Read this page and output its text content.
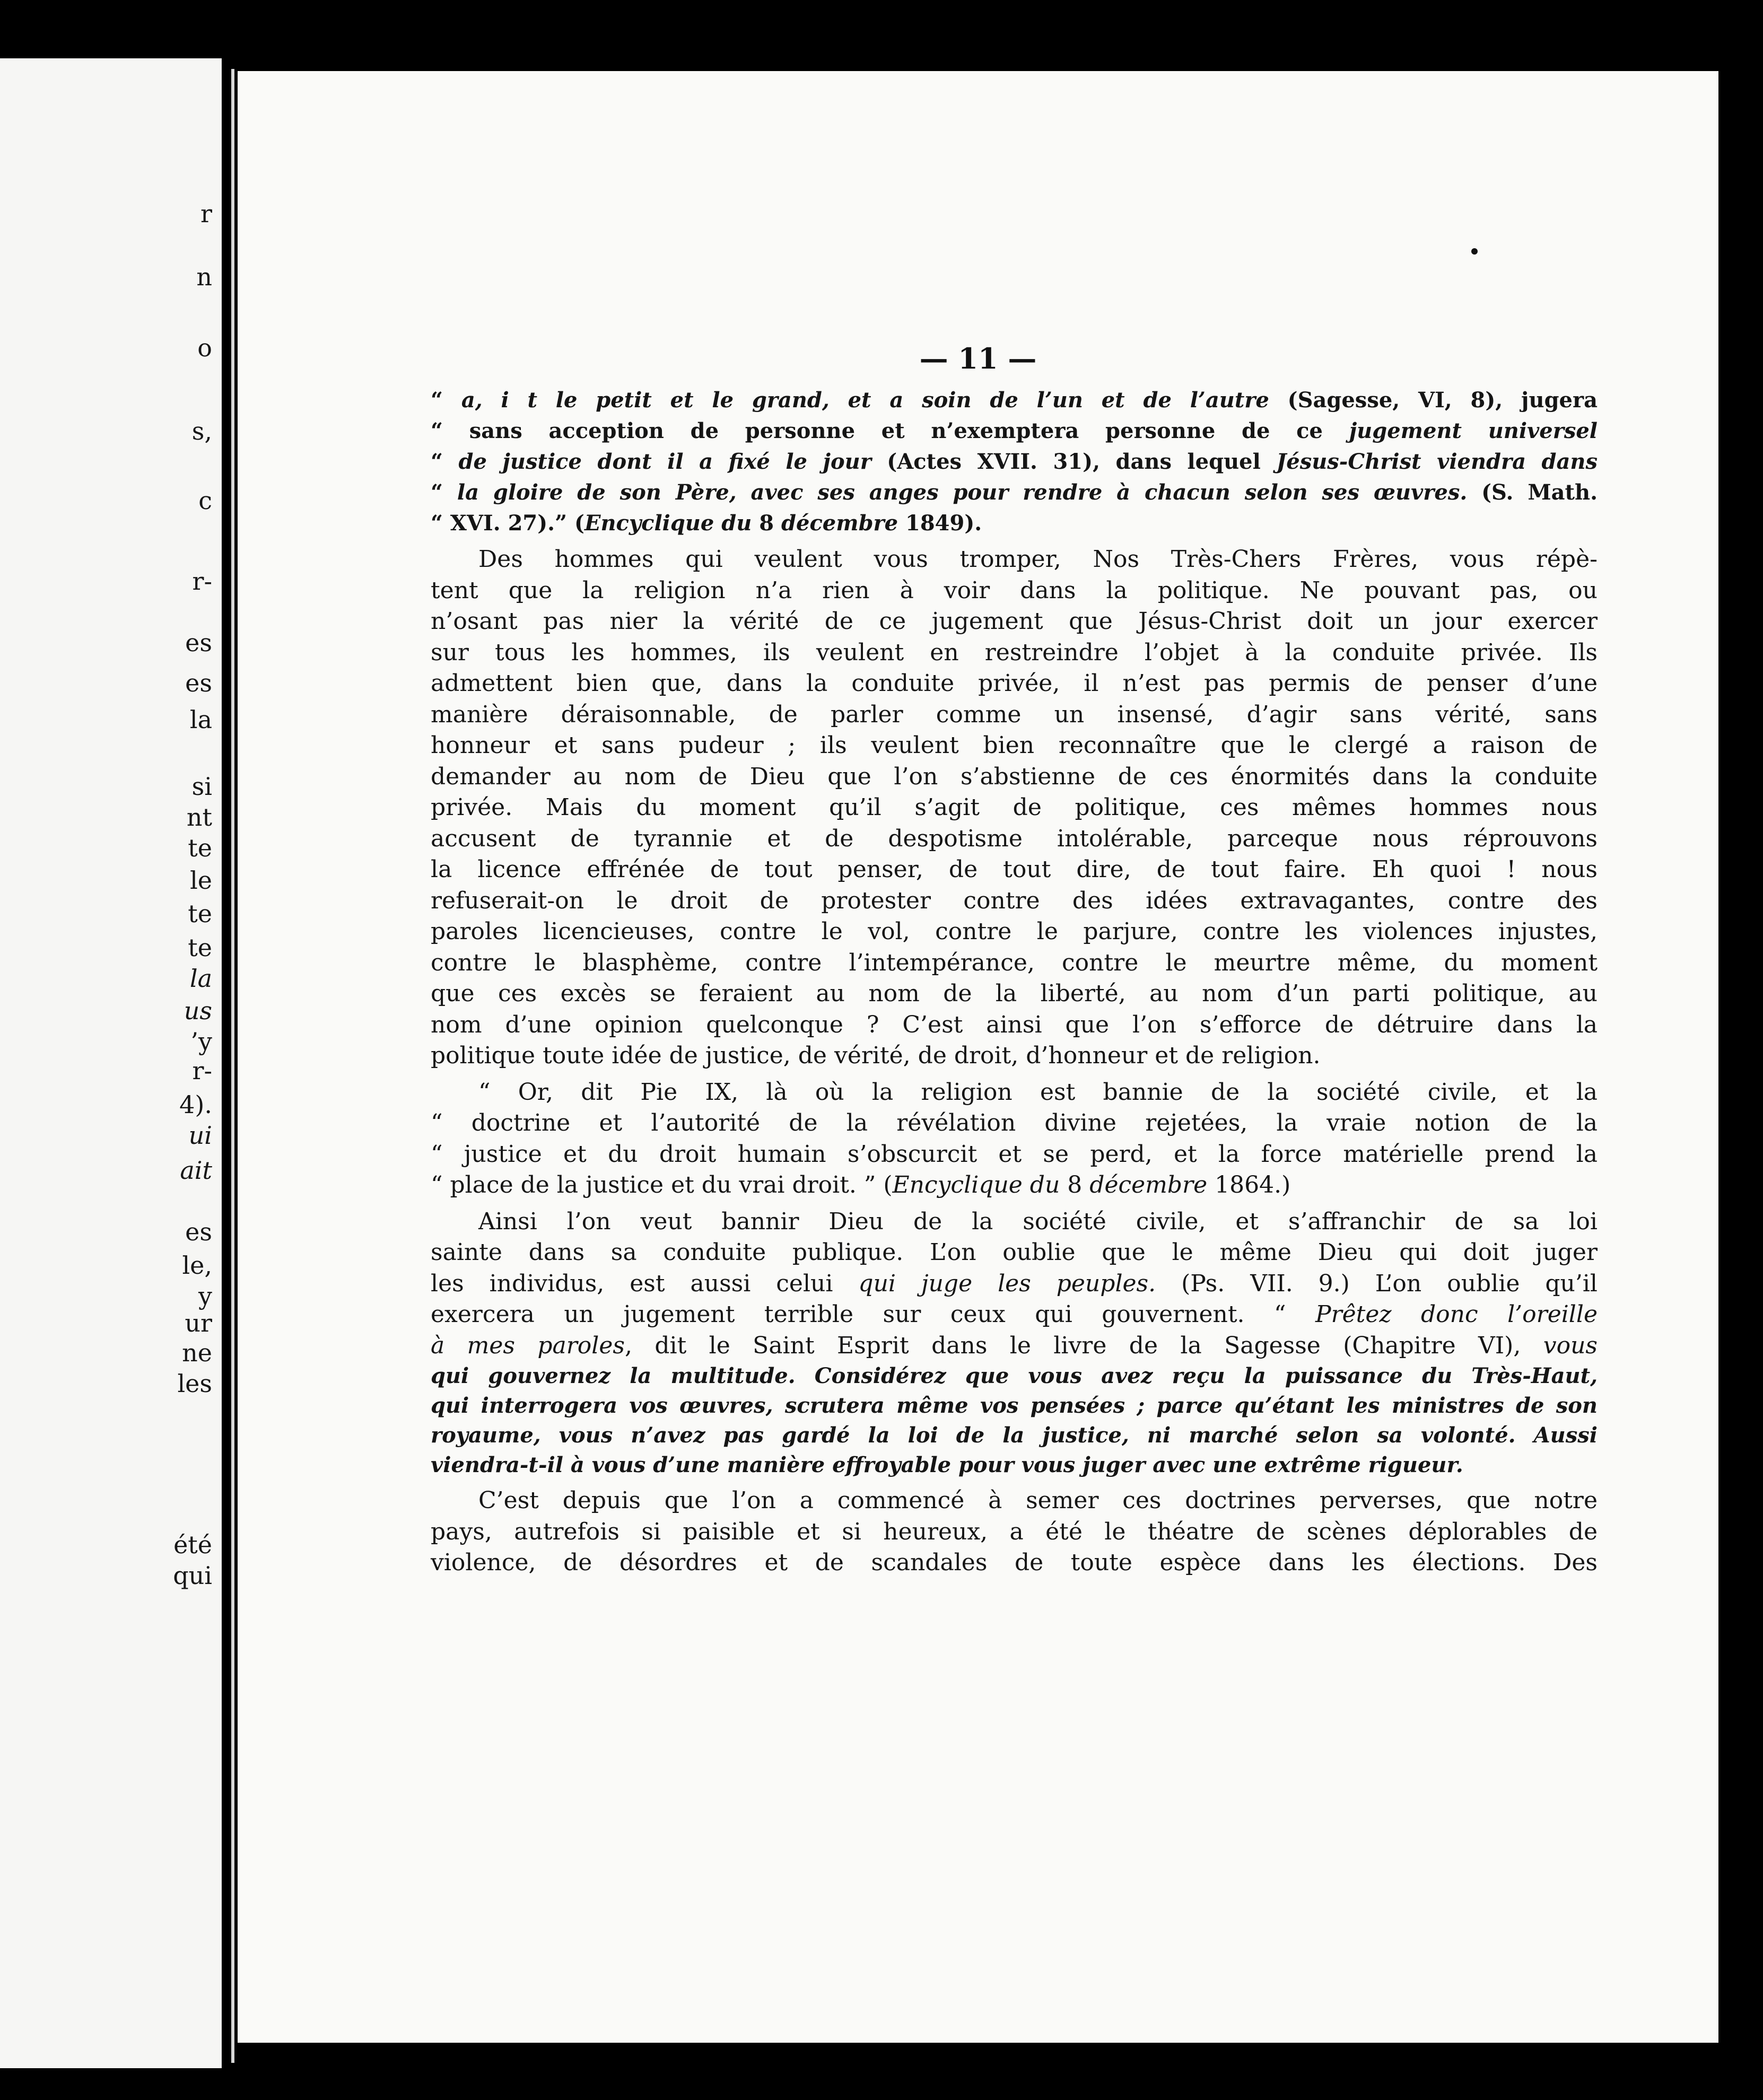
r
n
o
s,
c
r-
es
es
la
si
nt
te
le
te
te
la
us
’y
r-
4).
ui
ait
es
le,
y
ur
ne
les
été
qui
— 11 —
“ a, i t le petit et le grand, et a soin de l’un et de l’autre (Sagesse, VI, 8), jugera
“ sans acception de personne et n’exemptera personne de ce jugement universel
“ de justice dont il a fixé le jour (Actes XVII. 31), dans lequel Jésus-Christ viendra dans
“ la gloire de son Père, avec ses anges pour rendre à chacun selon ses œuvres. (S. Math.
“ XVI. 27).” (Encyclique du 8 décembre 1849).
Des hommes qui veulent vous tromper, Nos Très-Chers Frères, vous répè-
tent que la religion n’a rien à voir dans la politique. Ne pouvant pas, ou
n’osant pas nier la vérité de ce jugement que Jésus-Christ doit un jour exercer
sur tous les hommes, ils veulent en restreindre l’objet à la conduite privée. Ils
admettent bien que, dans la conduite privée, il n’est pas permis de penser d’une
manière déraisonnable, de parler comme un insensé, d’agir sans vérité, sans
honneur et sans pudeur ; ils veulent bien reconnaître que le clergé a raison de
demander au nom de Dieu que l’on s’abstienne de ces énormités dans la conduite
privée. Mais du moment qu’il s’agit de politique, ces mêmes hommes nous
accusent de tyrannie et de despotisme intolérable, parceque nous réprouvons
la licence effrénée de tout penser, de tout dire, de tout faire. Eh quoi ! nous
refuserait-on le droit de protester contre des idées extravagantes, contre des
paroles licencieuses, contre le vol, contre le parjure, contre les violences injustes,
contre le blasphème, contre l’intempérance, contre le meurtre même, du moment
que ces excès se feraient au nom de la liberté, au nom d’un parti politique, au
nom d’une opinion quelconque ? C’est ainsi que l’on s’efforce de détruire dans la
politique toute idée de justice, de vérité, de droit, d’honneur et de religion.
“ Or, dit Pie IX, là où la religion est bannie de la société civile, et la
“ doctrine et l’autorité de la révélation divine rejetées, la vraie notion de la
“ justice et du droit humain s’obscurcit et se perd, et la force matérielle prend la
“ place de la justice et du vrai droit. ” (Encyclique du 8 décembre 1864.)
Ainsi l’on veut bannir Dieu de la société civile, et s’affranchir de sa loi
sainte dans sa conduite publique. L’on oublie que le même Dieu qui doit juger
les individus, est aussi celui qui juge les peuples. (Ps. VII. 9.) L’on oublie qu’il
exercera un jugement terrible sur ceux qui gouvernent. “ Prêtez donc l’oreille
à mes paroles, dit le Saint Esprit dans le livre de la Sagesse (Chapitre VI), vous
qui gouvernez la multitude. Considérez que vous avez reçu la puissance du Très-Haut,
qui interrogera vos œuvres, scrutera même vos pensées ; parce qu’étant les ministres de son
royaume, vous n’avez pas gardé la loi de la justice, ni marché selon sa volonté. Aussi
viendra-t-il à vous d’une manière effroyable pour vous juger avec une extrême rigueur.
C’est depuis que l’on a commencé à semer ces doctrines perverses, que notre
pays, autrefois si paisible et si heureux, a été le théatre de scènes déplorables de
violence, de désordres et de scandales de toute espèce dans les élections. Des
